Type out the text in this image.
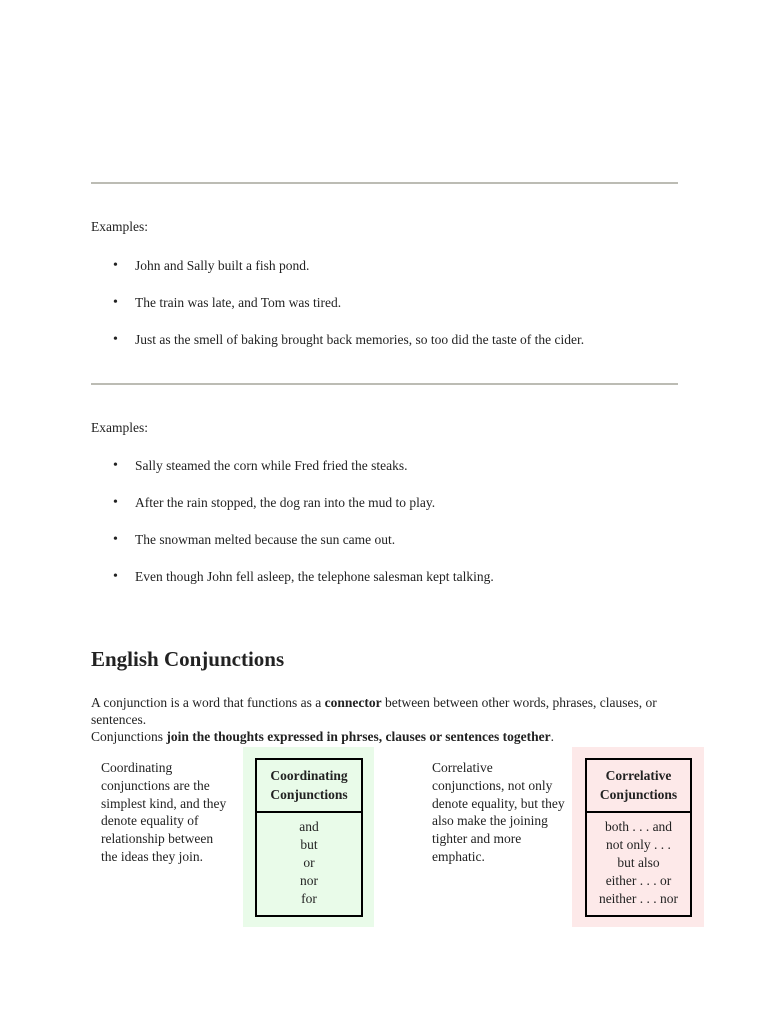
Examples:
• John and Sally built a fish pond.
• The train was late, and Tom was tired.
• Just as the smell of baking brought back memories, so too did the taste of the cider.
Examples:
• Sally steamed the corn while Fred fried the steaks.
• After the rain stopped, the dog ran into the mud to play.
• The snowman melted because the sun came out.
• Even though John fell asleep, the telephone salesman kept talking.
English Conjunctions
A conjunction is a word that functions as a connector between between other words, phrases, clauses, or sentences.
Conjunctions join the thoughts expressed in phrses, clauses or sentences together.
Coordinating conjunctions are the simplest kind, and they denote equality of relationship between the ideas they join.
Coordinating
Conjunctions
and
but
or
nor
for
Correlative conjunctions, not only denote equality, but they also make the joining tighter and more emphatic.
Correlative
Conjunctions
both . . . and
not only . . .
but also
either . . . or
neither . . . nor
